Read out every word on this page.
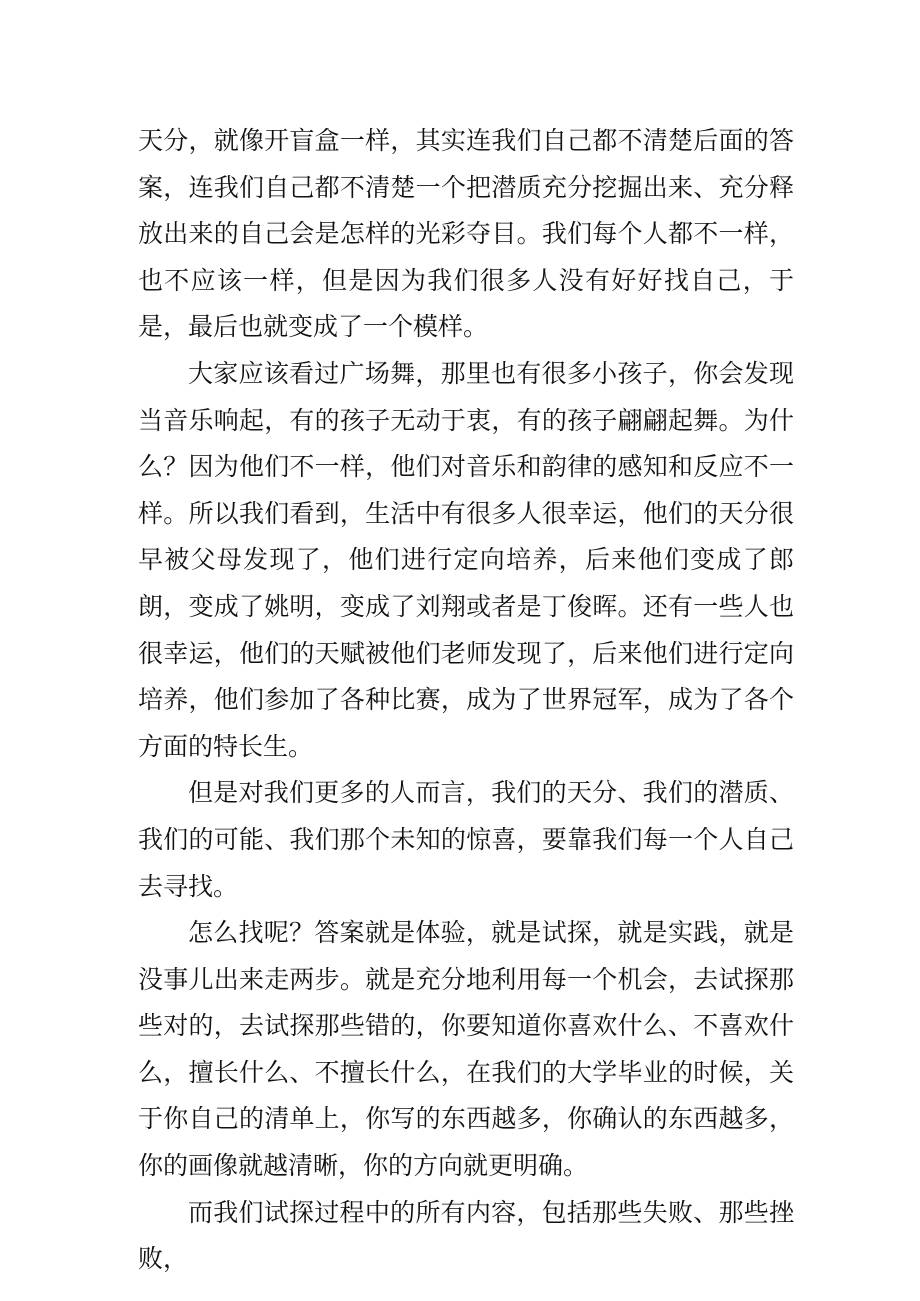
天分，就像开盲盒一样，其实连我们自己都不清楚后面的答案，连我们自己都不清楚一个把潜质充分挖掘出来、充分释放出来的自己会是怎样的光彩夺目。我们每个人都不一样，也不应该一样，但是因为我们很多人没有好好找自己，于是，最后也就变成了一个模样。

大家应该看过广场舞，那里也有很多小孩子，你会发现当音乐响起，有的孩子无动于衷，有的孩子翩翩起舞。为什么？因为他们不一样，他们对音乐和韵律的感知和反应不一样。所以我们看到，生活中有很多人很幸运，他们的天分很早被父母发现了，他们进行定向培养，后来他们变成了郎朗，变成了姚明，变成了刘翔或者是丁俊晖。还有一些人也很幸运，他们的天赋被他们老师发现了，后来他们进行定向培养，他们参加了各种比赛，成为了世界冠军，成为了各个方面的特长生。

但是对我们更多的人而言，我们的天分、我们的潜质、我们的可能、我们那个未知的惊喜，要靠我们每一个人自己去寻找。

怎么找呢？答案就是体验，就是试探，就是实践，就是没事儿出来走两步。就是充分地利用每一个机会，去试探那些对的，去试探那些错的，你要知道你喜欢什么、不喜欢什么，擅长什么、不擅长什么，在我们的大学毕业的时候，关于你自己的清单上，你写的东西越多，你确认的东西越多，你的画像就越清晰，你的方向就更明确。

而我们试探过程中的所有内容，包括那些失败、那些挫败，
